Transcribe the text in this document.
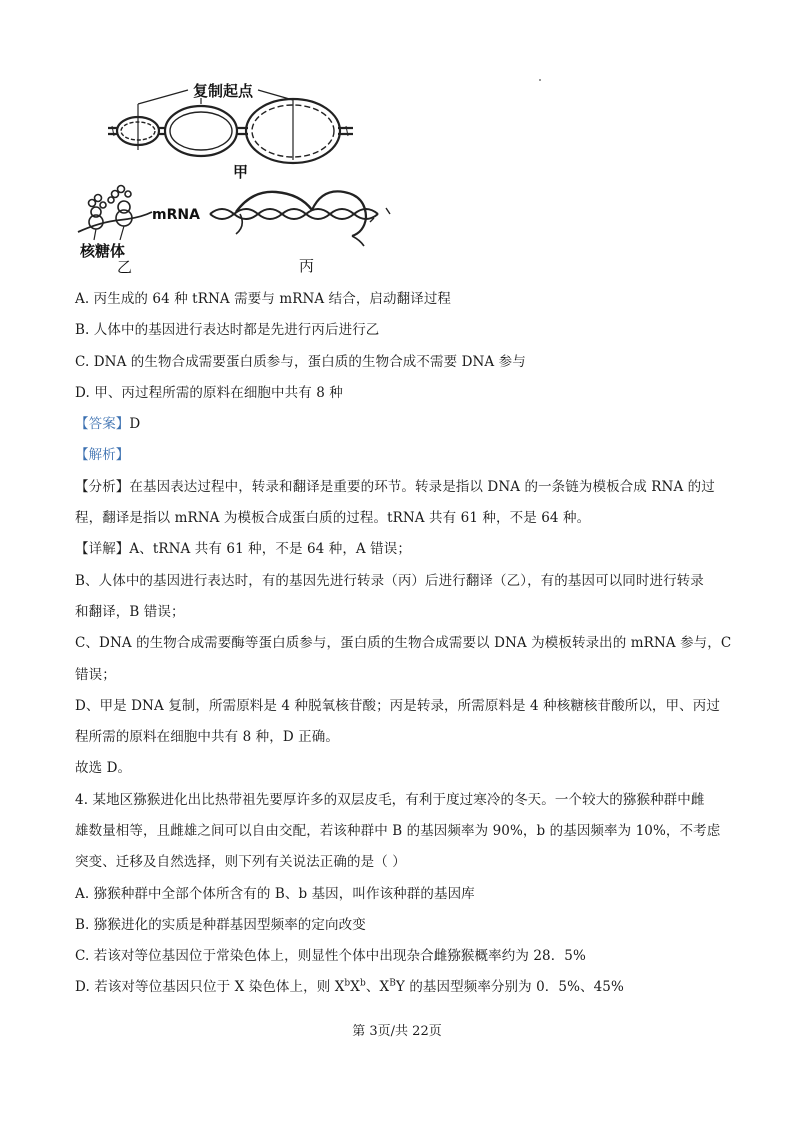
复制起点
甲
mRNA
核糖体
乙	丙
A. 丙生成的 64 种 tRNA 需要与 mRNA 结合，启动翻译过程
B. 人体中的基因进行表达时都是先进行丙后进行乙
C. DNA 的生物合成需要蛋白质参与，蛋白质的生物合成不需要 DNA 参与
D. 甲、丙过程所需的原料在细胞中共有 8 种
【答案】D
【解析】
【分析】在基因表达过程中，转录和翻译是重要的环节。转录是指以 DNA 的一条链为模板合成 RNA 的过
程，翻译是指以 mRNA 为模板合成蛋白质的过程。tRNA 共有 61 种，不是 64 种。
【详解】A、tRNA 共有 61 种，不是 64 种，A 错误；
B、人体中的基因进行表达时，有的基因先进行转录（丙）后进行翻译（乙），有的基因可以同时进行转录
和翻译，B 错误；
C、DNA 的生物合成需要酶等蛋白质参与，蛋白质的生物合成需要以 DNA 为模板转录出的 mRNA 参与，C
错误；
D、甲是 DNA 复制，所需原料是 4 种脱氧核苷酸；丙是转录，所需原料是 4 种核糖核苷酸所以，甲、丙过
程所需的原料在细胞中共有 8 种，D 正确。
故选 D。
4. 某地区猕猴进化出比热带祖先要厚许多的双层皮毛，有利于度过寒冷的冬天。一个较大的猕猴种群中雌
雄数量相等，且雌雄之间可以自由交配，若该种群中 B 的基因频率为 90%，b 的基因频率为 10%，不考虑
突变、迁移及自然选择，则下列有关说法正确的是（ ）
A. 猕猴种群中全部个体所含有的 B、b 基因，叫作该种群的基因库
B. 猕猴进化的实质是种群基因型频率的定向改变
C. 若该对等位基因位于常染色体上，则显性个体中出现杂合雌猕猴概率约为 28．5%
D. 若该对等位基因只位于 X 染色体上，则 $X^bX^b$、$X^BY$ 的基因型频率分别为 0．5%、45%
第 3页/共 22页
